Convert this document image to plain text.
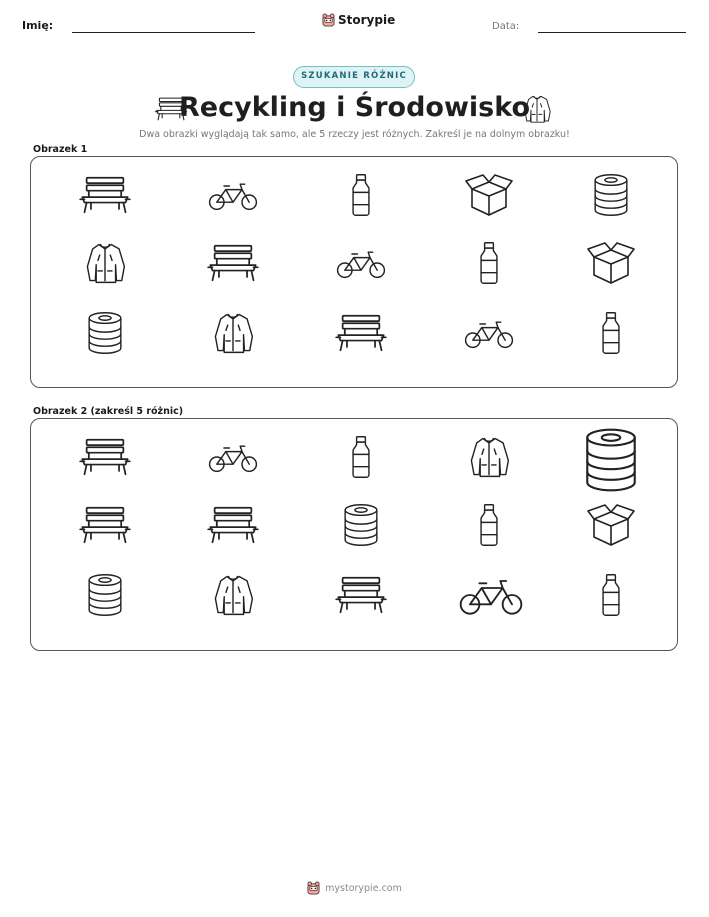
Imię:	Storypie	Data:
SZUKANIE RÓŻNIC
Recykling i Środowisko
Dwa obrazki wyglądają tak samo, ale 5 rzeczy jest różnych. Zakreśl je na dolnym obrazku!
Obrazek 1
Obrazek 2 (zakreśl 5 różnic)
mystorypie.com
